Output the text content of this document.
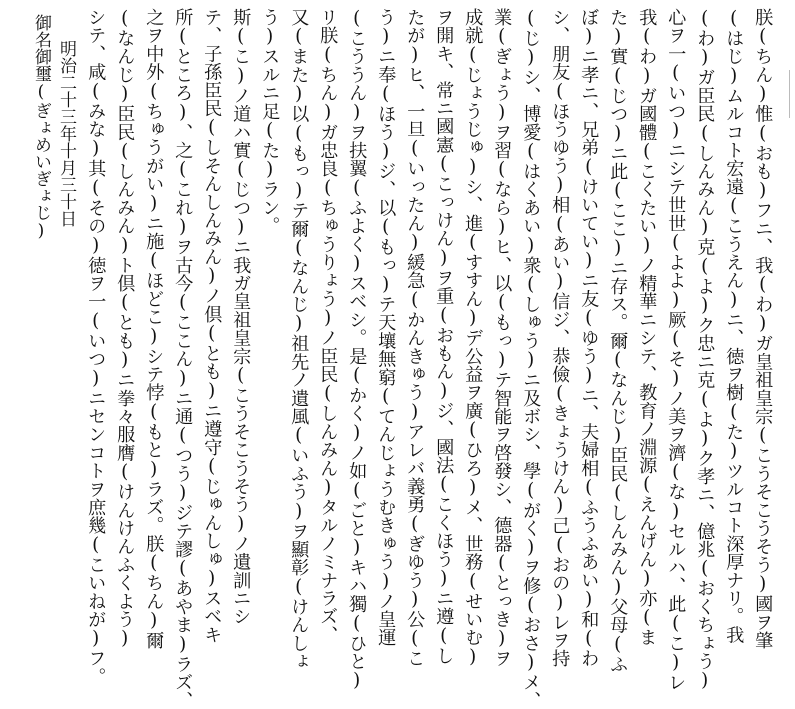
朕(ちん)惟(おも)フニ、我(わ)ガ皇祖皇宗(こうそこうそう)國ヲ肇
(はじ)ムルコト宏遠(こうえん)ニ、徳ヲ樹(た)ツルコト深厚ナリ。我
(わ)ガ臣民(しんみん)克(よ)ク忠ニ克(よ)ク孝ニ、億兆(おくちょう)
心ヲ一(いつ)ニシテ世世(よよ)厥(そ)ノ美ヲ濟(な)セルハ、此(こ)レ
我(わ)ガ國體(こくたい)ノ精華ニシテ、教育ノ淵源(えんげん)亦(ま
た)實(じつ)ニ此(ここ)ニ存ス。爾(なんじ)臣民(しんみん)父母(ふ
ぼ)ニ孝ニ、兄弟(けいてい)ニ友(ゆう)ニ、夫婦相(ふうふあい)和(わ
シ、朋友(ほうゆう)相(あい)信ジ、恭儉(きょうけん)己(おの)レヲ持
(じ)シ、博愛(はくあい)衆(しゅう)ニ及ボシ、學(がく)ヲ修(おさ)メ、
業(ぎょう)ヲ習(なら)ヒ、以(もっ)テ智能ヲ啓發シ、德器(とっき)ヲ
成就(じょうじゅ)シ、進(すすん)デ公益ヲ廣(ひろ)メ、世務(せいむ)
ヲ開キ、常ニ國憲(こっけん)ヲ重(おもん)ジ、國法(こくほう)ニ遵(し
たが)ヒ、一旦(いったん)緩急(かんきゅう)アレバ義勇(ぎゆう)公(こ
う)ニ奉(ほう)ジ、以(もっ)テ天壤無窮(てんじょうむきゅう)ノ皇運
(こううん)ヲ扶翼(ふよく)スベシ。是(かく)ノ如(ごと)キハ獨(ひと)
リ朕(ちん)ガ忠良(ちゅうりょう)ノ臣民(しんみん)タルノミナラズ、
又(また)以(もっ)テ爾(なんじ)祖先ノ遺風(いふう)ヲ顯彰(けんしょ
う)スルニ足(た)ラン。
斯(こ)ノ道ハ實(じつ)ニ我ガ皇祖皇宗(こうそこうそう)ノ遺訓ニシ
テ、子孫臣民(しそんしんみん)ノ倶(とも)ニ遵守(じゅんしゅ)スベキ
所(ところ)、之(これ)ヲ古今(ここん)ニ通(つう)ジテ謬(あやま)ラズ、
之ヲ中外(ちゅうがい)ニ施(ほどこ)シテ悖(もと)ラズ。朕(ちん)爾
(なんじ)臣民(しんみん)ト倶(とも)ニ拳々服膺(けんけんふくよう)
シテ、咸(みな)其(その)徳ヲ一(いつ)ニセンコトヲ庶幾(こいねが)フ。
明治二十三年十月三十日
御名御璽(ぎょめいぎょじ)
